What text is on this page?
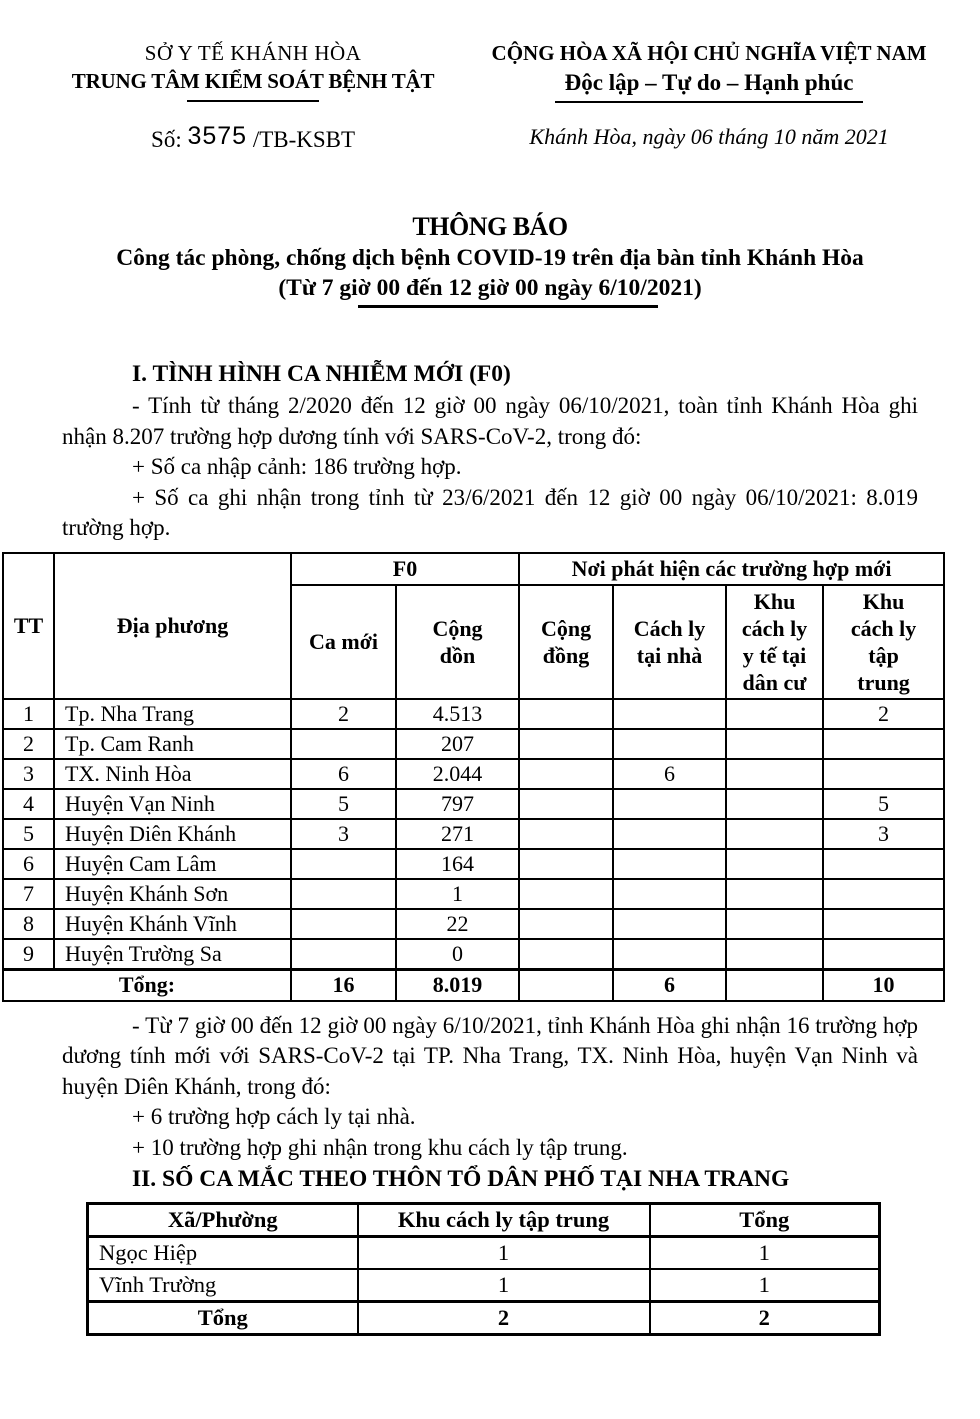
SỞ Y TẾ KHÁNH HÒA
TRUNG TÂM KIỂM SOÁT BỆNH TẬT
Số: 3575 /TB-KSBT
CỘNG HÒA XÃ HỘI CHỦ NGHĨA VIỆT NAM
Độc lập – Tự do – Hạnh phúc
Khánh Hòa, ngày 06 tháng 10 năm 2021
THÔNG BÁO
Công tác phòng, chống dịch bệnh COVID-19 trên địa bàn tỉnh Khánh Hòa
(Từ 7 giờ 00 đến 12 giờ 00 ngày 6/10/2021)
I. TÌNH HÌNH CA NHIỄM MỚI (F0)

- Tính từ tháng 2/2020 đến 12 giờ 00 ngày 06/10/2021, toàn tỉnh Khánh Hòa ghi nhận 8.207 trường hợp dương tính với SARS-CoV-2, trong đó:

+ Số ca nhập cảnh: 186 trường hợp.

+ Số ca ghi nhận trong tỉnh từ 23/6/2021 đến 12 giờ 00 ngày 06/10/2021: 8.019 trường hợp.

TT	Địa phương	F0		Nơi phát hiện các trường hợp mới			
		Ca mới	Cộng dồn	Cộng đồng	Cách ly tại nhà	Khu cách ly y tế tại dân cư	Khu cách ly tập trung
1	Tp. Nha Trang	2	4.513				2
2	Tp. Cam Ranh		207				
3	TX. Ninh Hòa	6	2.044		6		
4	Huyện Vạn Ninh	5	797				5
5	Huyện Diên Khánh	3	271				3
6	Huyện Cam Lâm		164				
7	Huyện Khánh Sơn		1				
8	Huyện Khánh Vĩnh		22				
9	Huyện Trường Sa		0				
Tổng:		16	8.019		6		10

- Từ 7 giờ 00 đến 12 giờ 00 ngày 6/10/2021, tỉnh Khánh Hòa ghi nhận 16 trường hợp dương tính mới với SARS-CoV-2 tại TP. Nha Trang, TX. Ninh Hòa, huyện Vạn Ninh và huyện Diên Khánh, trong đó:

+ 6 trường hợp cách ly tại nhà.

+ 10 trường hợp ghi nhận trong khu cách ly tập trung.

II. SỐ CA MẮC THEO THÔN TỔ DÂN PHỐ TẠI NHA TRANG
Xã/Phường	Khu cách ly tập trung	Tổng
Ngọc Hiệp	1	1
Vĩnh Trường	1	1
Tổng	2	2
